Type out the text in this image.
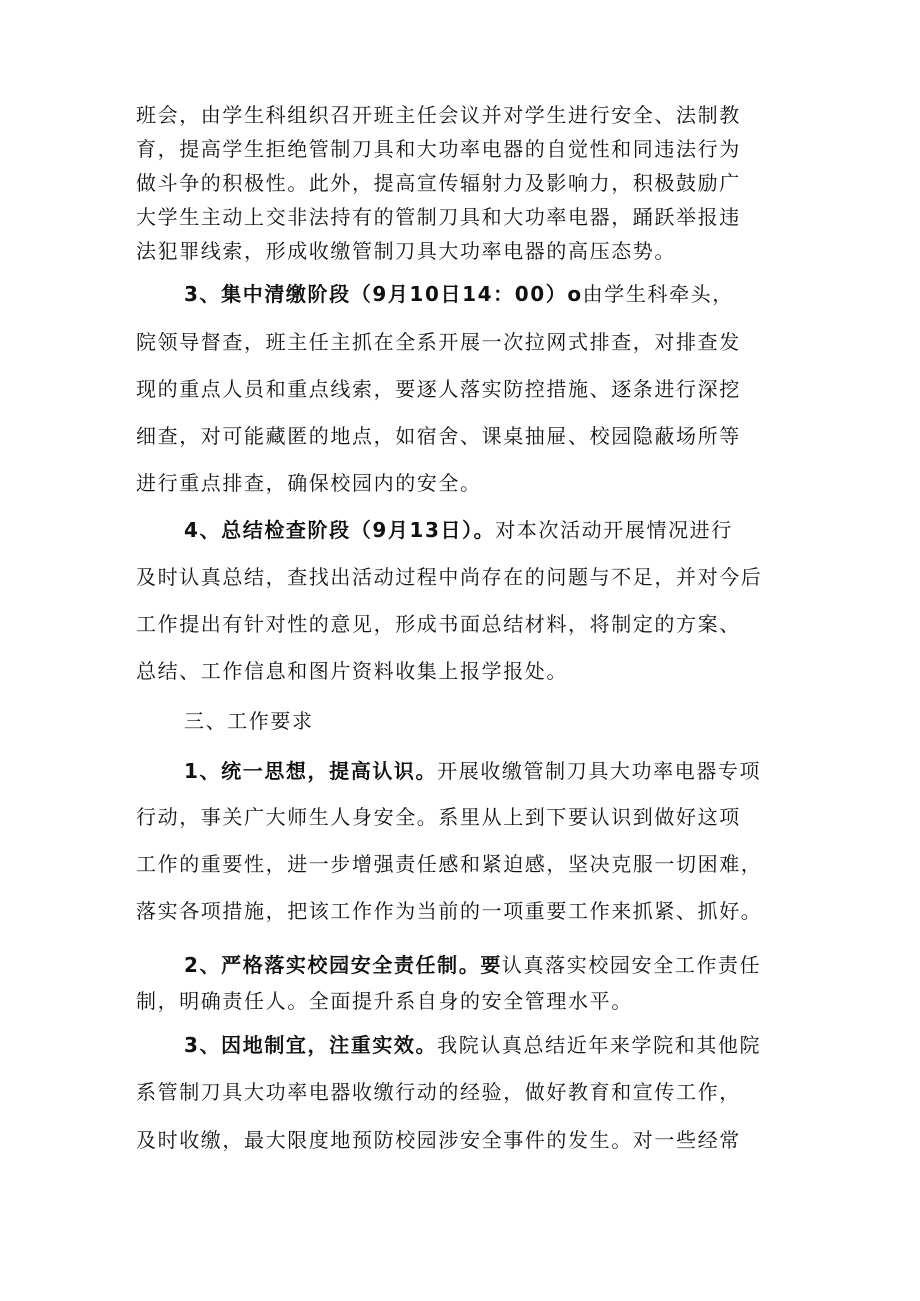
班会，由学生科组织召开班主任会议并对学生进行安全、法制教
育，提高学生拒绝管制刀具和大功率电器的自觉性和同违法行为
做斗争的积极性。此外，提高宣传辐射力及影响力，积极鼓励广
大学生主动上交非法持有的管制刀具和大功率电器，踊跃举报违
法犯罪线索，形成收缴管制刀具大功率电器的高压态势。
3、集中清缴阶段（9月10日14：00）o由学生科牵头，
院领导督查，班主任主抓在全系开展一次拉网式排查，对排查发
现的重点人员和重点线索，要逐人落实防控措施、逐条进行深挖
细查，对可能藏匿的地点，如宿舍、课桌抽屉、校园隐蔽场所等
进行重点排查，确保校园内的安全。
4、总结检查阶段（9月13日）。对本次活动开展情况进行
及时认真总结，查找出活动过程中尚存在的问题与不足，并对今后
工作提出有针对性的意见，形成书面总结材料，将制定的方案、
总结、工作信息和图片资料收集上报学报处。
三、工作要求
1、统一思想，提高认识。开展收缴管制刀具大功率电器专项
行动，事关广大师生人身安全。系里从上到下要认识到做好这项
工作的重要性，进一步增强责任感和紧迫感，坚决克服一切困难，
落实各项措施，把该工作作为当前的一项重要工作来抓紧、抓好。
2、严格落实校园安全责任制。要认真落实校园安全工作责任
制，明确责任人。全面提升系自身的安全管理水平。
3、因地制宜，注重实效。我院认真总结近年来学院和其他院
系管制刀具大功率电器收缴行动的经验，做好教育和宣传工作，
及时收缴，最大限度地预防校园涉安全事件的发生。对一些经常
